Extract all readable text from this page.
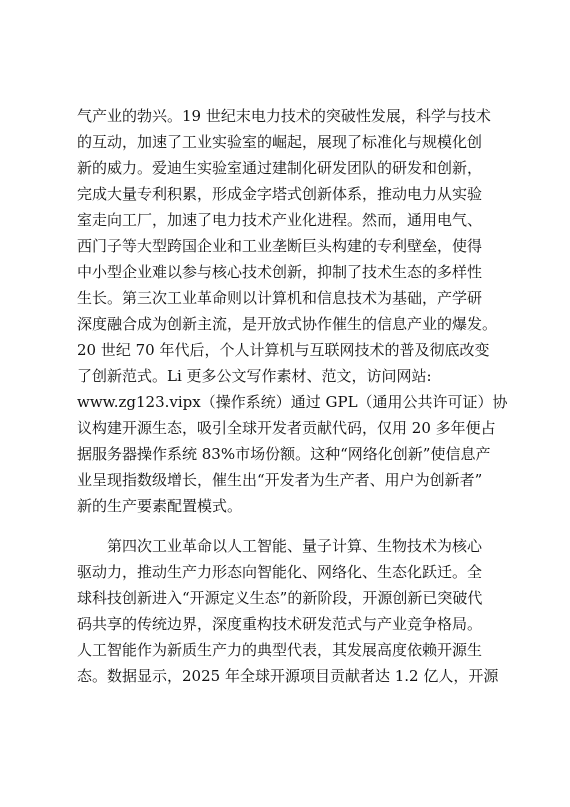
气产业的勃兴。19 世纪末电力技术的突破性发展，科学与技术
的互动，加速了工业实验室的崛起，展现了标准化与规模化创
新的威力。爱迪生实验室通过建制化研发团队的研发和创新，
完成大量专利积累，形成金字塔式创新体系，推动电力从实验
室走向工厂，加速了电力技术产业化进程。然而，通用电气、
西门子等大型跨国企业和工业垄断巨头构建的专利壁垒，使得
中小型企业难以参与核心技术创新，抑制了技术生态的多样性
生长。第三次工业革命则以计算机和信息技术为基础，产学研
深度融合成为创新主流，是开放式协作催生的信息产业的爆发。
20 世纪 70 年代后，个人计算机与互联网技术的普及彻底改变
了创新范式。Li 更多公文写作素材、范文，访问网站:
www.zg123.vipx（操作系统）通过 GPL（通用公共许可证）协
议构建开源生态，吸引全球开发者贡献代码，仅用 20 多年便占
据服务器操作系统 83%市场份额。这种“网络化创新”使信息产
业呈现指数级增长，催生出“开发者为生产者、用户为创新者”
新的生产要素配置模式。
第四次工业革命以人工智能、量子计算、生物技术为核心
驱动力，推动生产力形态向智能化、网络化、生态化跃迁。全
球科技创新进入“开源定义生态”的新阶段，开源创新已突破代
码共享的传统边界，深度重构技术研发范式与产业竞争格局。
人工智能作为新质生产力的典型代表，其发展高度依赖开源生
态。数据显示，2025 年全球开源项目贡献者达 1.2 亿人，开源
